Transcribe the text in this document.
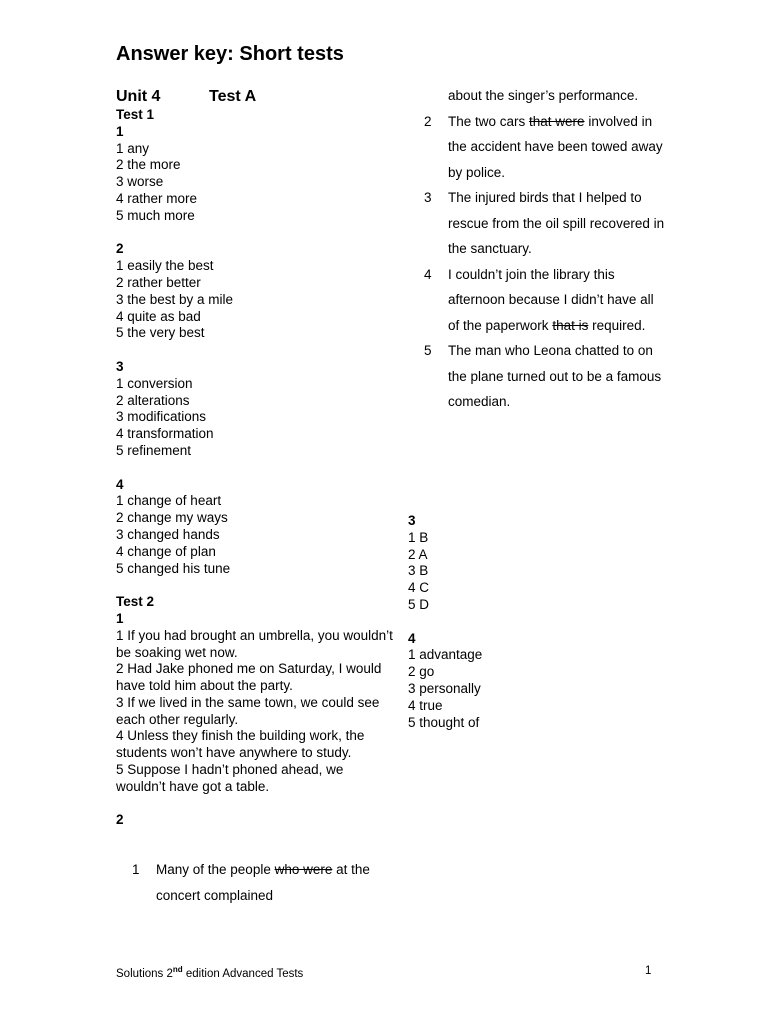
Answer key: Short tests
Unit 4	Test A
Test 1
1
1 any
2 the more
3 worse
4 rather more
5 much more
2
1 easily the best
2 rather better
3 the best by a mile
4 quite as bad
5 the very best
3
1 conversion
2 alterations
3 modifications
4 transformation
5 refinement
4
1 change of heart
2 change my ways
3 changed hands
4 change of plan
5 changed his tune
Test 2
1
1 If you had brought an umbrella, you wouldn’t be soaking wet now.
2 Had Jake phoned me on Saturday, I would have told him about the party.
3 If we lived in the same town, we could see each other regularly.
4 Unless they finish the building work, the students won’t have anywhere to study.
5 Suppose I hadn’t phoned ahead, we wouldn’t have got a table.
2
1 Many of the people who were at the concert complained
about the singer’s performance.
2 The two cars that were involved in the accident have been towed away by police.
3 The injured birds that I helped to rescue from the oil spill recovered in the sanctuary.
4 I couldn’t join the library this afternoon because I didn’t have all of the paperwork that is required.
5 The man who Leona chatted to on the plane turned out to be a famous comedian.
3
1 B
2 A
3 B
4 C
5 D
4
1 advantage
2 go
3 personally
4 true
5 thought of
Solutions 2nd edition Advanced Tests	1
